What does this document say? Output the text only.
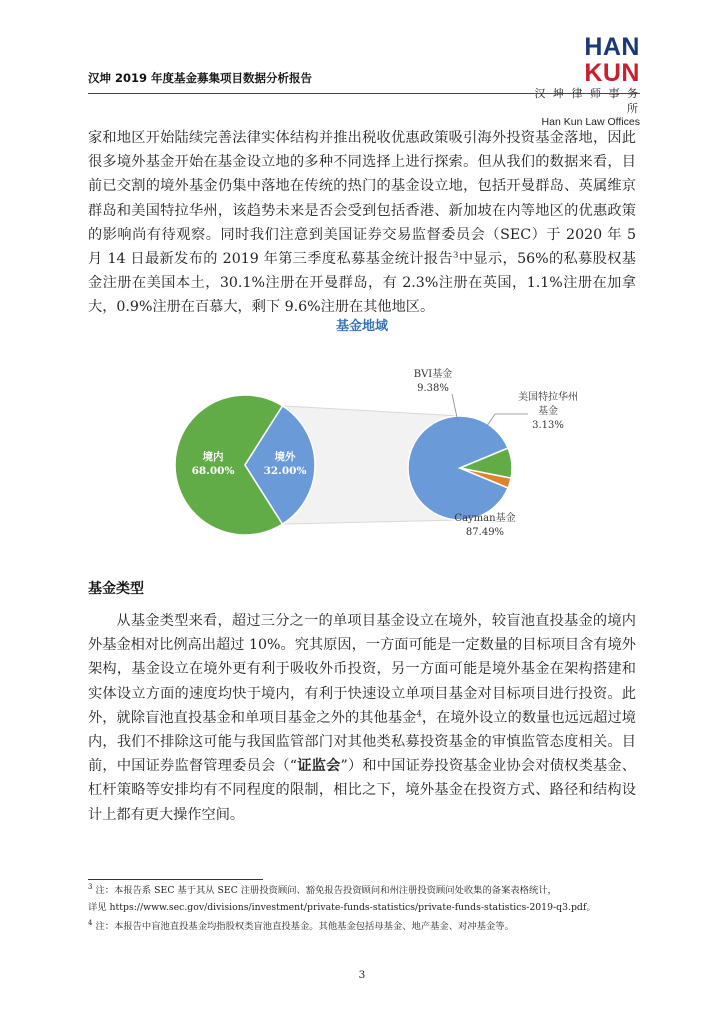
汉坤 2019 年度基金募集项目数据分析报告
HAN KUN
汉 坤 律 师 事 务 所
Han Kun Law Offices

家和地区开始陆续完善法律实体结构并推出税收优惠政策吸引海外投资基金落地，因此很多境外基金开始在基金设立地的多种不同选择上进行探索。但从我们的数据来看，目前已交割的境外基金仍集中落地在传统的热门的基金设立地，包括开曼群岛、英属维京群岛和美国特拉华州，该趋势未来是否会受到包括香港、新加坡在内等地区的优惠政策的影响尚有待观察。同时我们注意到美国证券交易监督委员会（SEC）于 2020 年 5 月 14 日最新发布的 2019 年第三季度私募基金统计报告$^3$中显示，56%的私募股权基金注册在美国本土，30.1%注册在开曼群岛，有 2.3%注册在英国，1.1%注册在加拿大，0.9%注册在百慕大，剩下 9.6%注册在其他地区。

基金地域
境内
68.00%
境外
32.00%
BVI基金
9.38%
美国特拉华州
基金
3.13%
Cayman基金
87.49%
基金类型

从基金类型来看，超过三分之一的单项目基金设立在境外，较盲池直投基金的境内外基金相对比例高出超过 10%。究其原因，一方面可能是一定数量的目标项目含有境外架构，基金设立在境外更有利于吸收外币投资，另一方面可能是境外基金在架构搭建和实体设立方面的速度均快于境内，有利于快速设立单项目基金对目标项目进行投资。此外，就除盲池直投基金和单项目基金之外的其他基金$^4$，在境外设立的数量也远远超过境内，我们不排除这可能与我国监管部门对其他类私募投资基金的审慎监管态度相关。目前，中国证券监督管理委员会（“证监会”）和中国证券投资基金业协会对债权类基金、杠杆策略等安排均有不同程度的限制，相比之下，境外基金在投资方式、路径和结构设计上都有更大操作空间。

$^3$ 注：本报告系 SEC 基于其从 SEC 注册投资顾问、豁免报告投资顾问和州注册投资顾问处收集的备案表格统计，
详见 https://www.sec.gov/divisions/investment/private-funds-statistics/private-funds-statistics-2019-q3.pdf。

$^4$ 注：本报告中盲池直投基金均指股权类盲池直投基金。其他基金包括母基金、地产基金、对冲基金等。

3
